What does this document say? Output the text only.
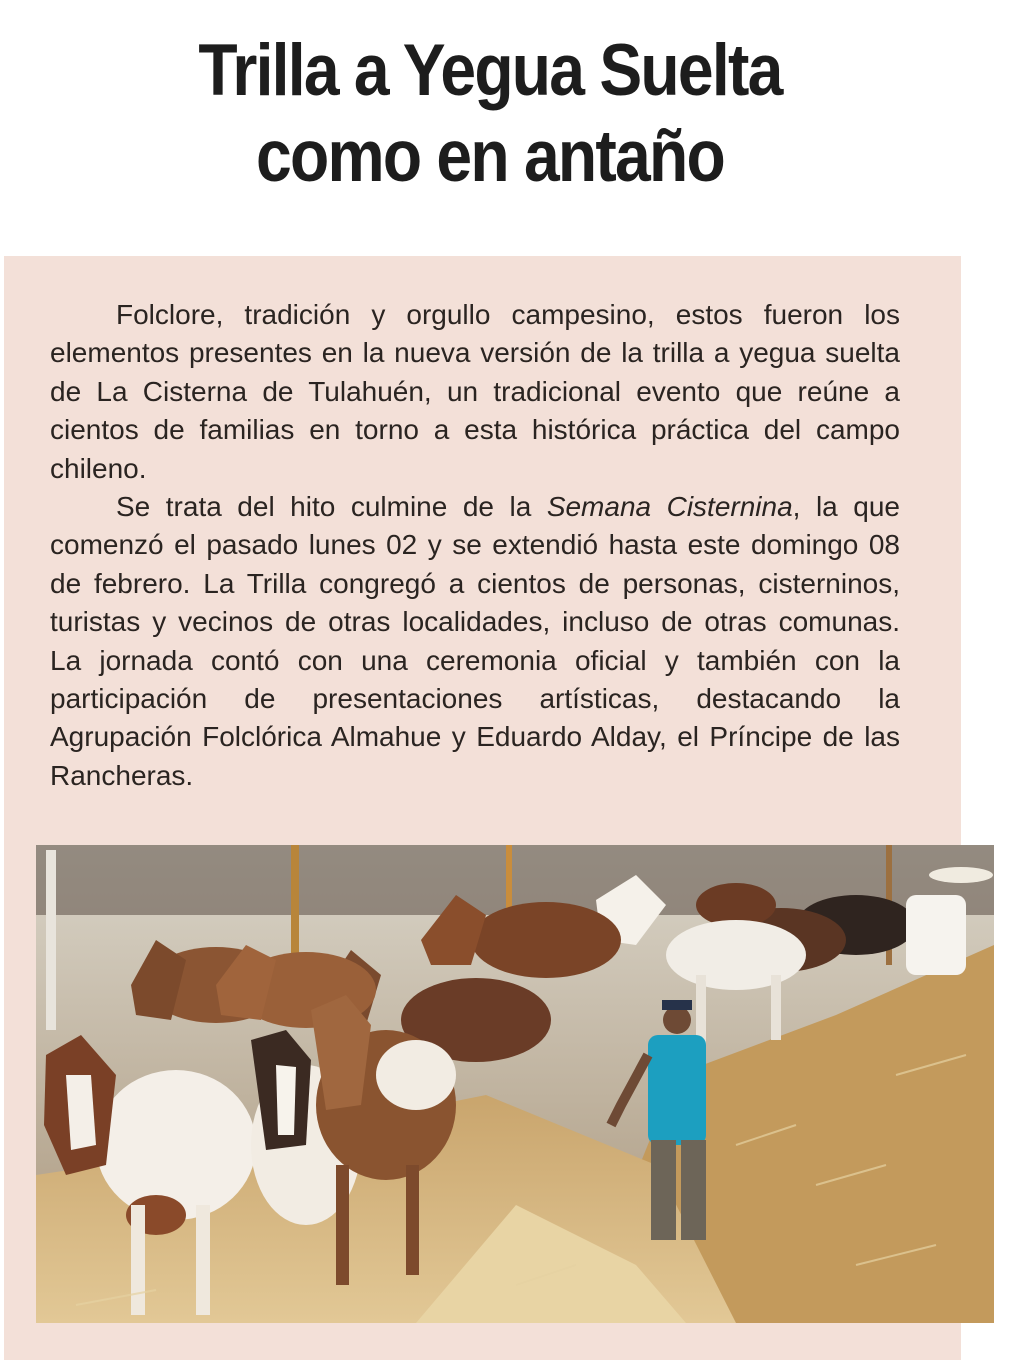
Trilla a Yegua Suelta
como en antaño

Folclore, tradición y orgullo campesino, estos fueron los elementos presentes en la nueva versión de la trilla a yegua suelta de La Cisterna de Tulahuén, un tradicional evento que reúne a cientos de familias en torno a esta histórica práctica del campo chileno.

Se trata del hito culmine de la Semana Cisternina, la que comenzó el pasado lunes 02 y se extendió hasta este domingo 08 de febrero. La Trilla congregó a cientos de personas, cisterninos, turistas y vecinos de otras localidades, incluso de otras comunas. La jornada contó con una ceremonia oficial y también con la participación de presentaciones artísticas, destacando la Agrupación Folclórica Almahue y Eduardo Alday, el Príncipe de las Rancheras.
